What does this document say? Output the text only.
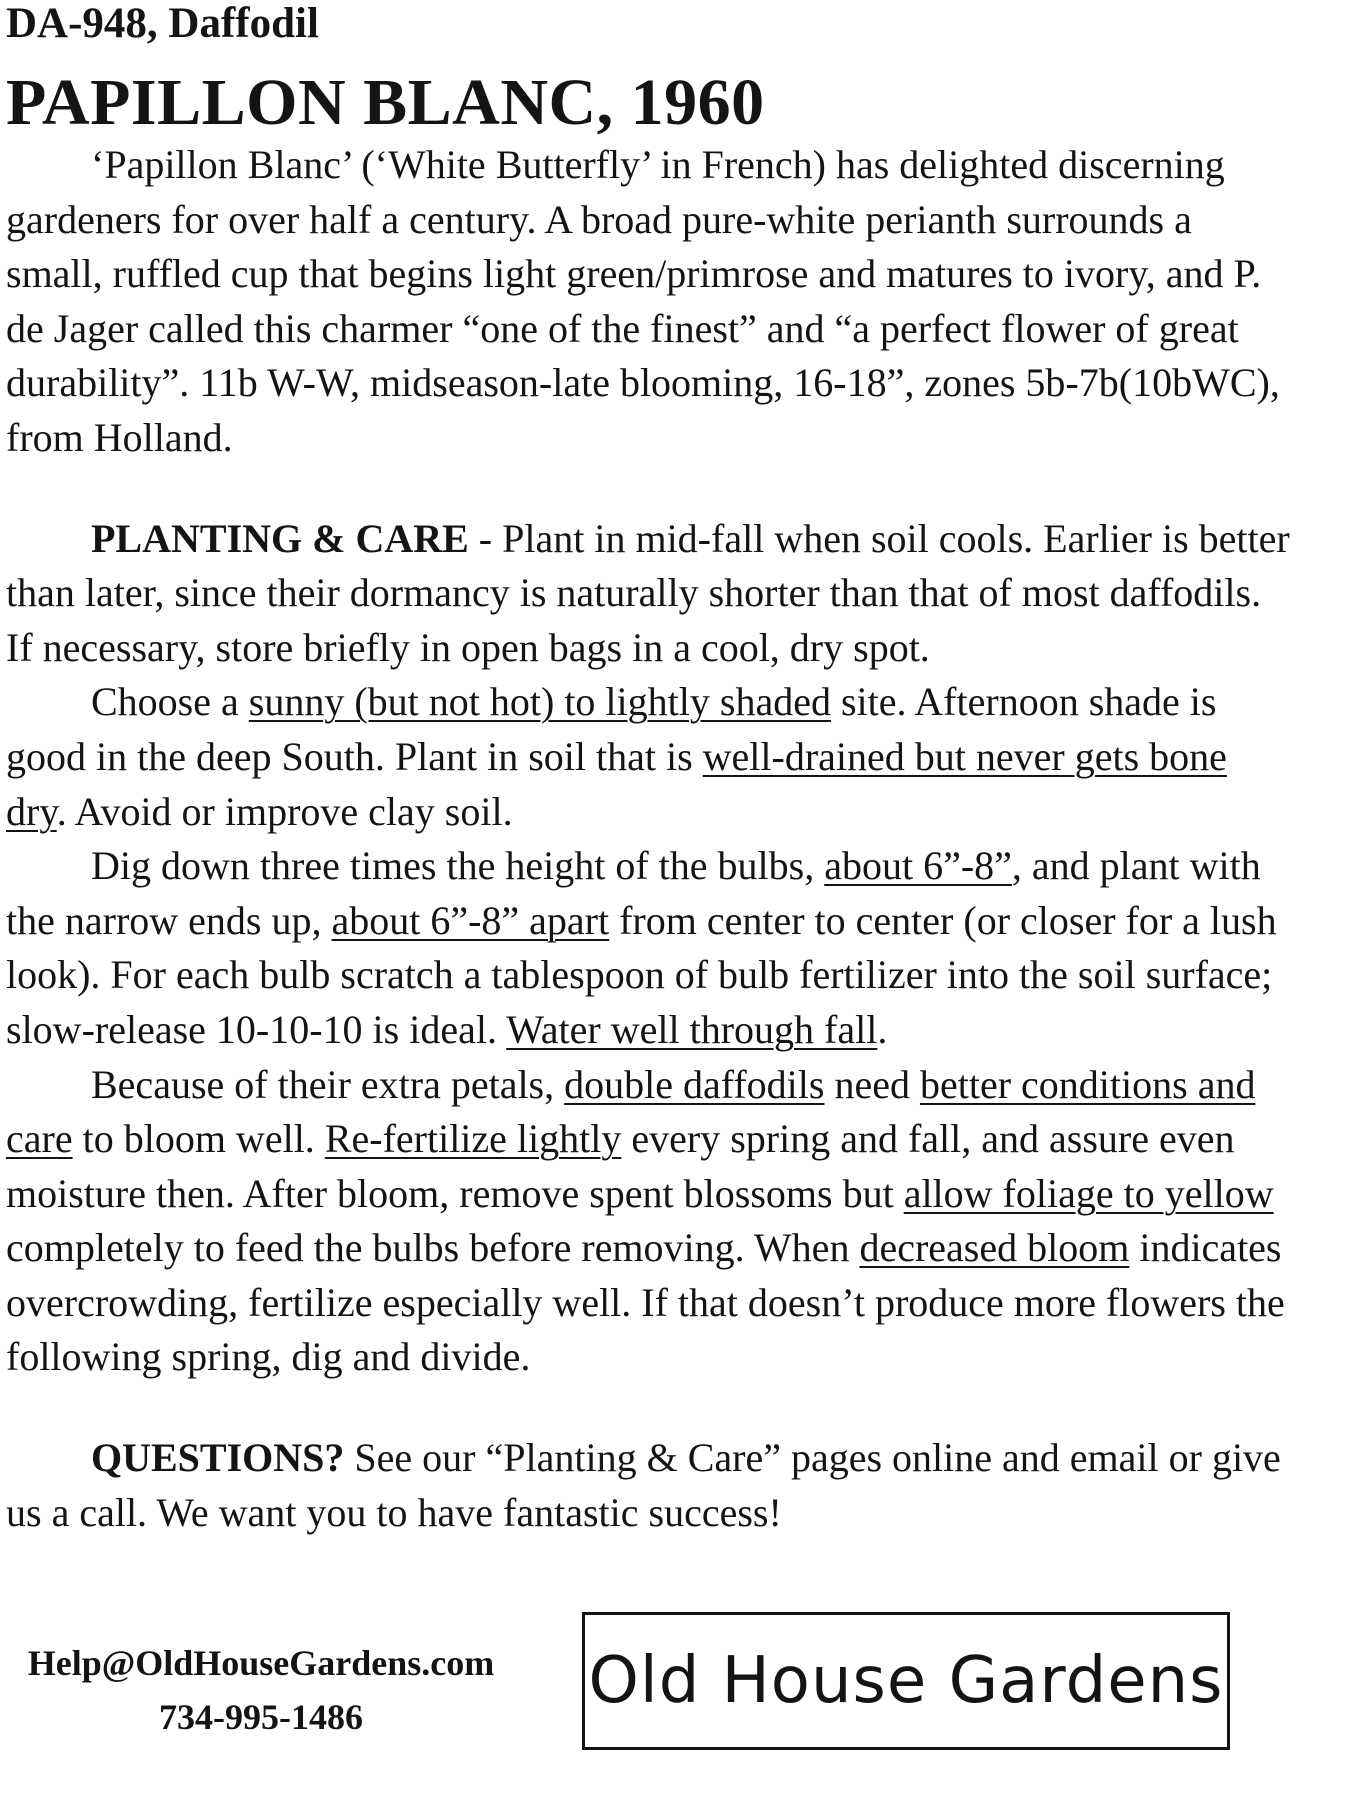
DA-948, Daffodil
PAPILLON BLANC, 1960

‘Papillon Blanc’ (‘White Butterfly’ in French) has delighted discerning gardeners for over half a century. A broad pure-white perianth surrounds a small, ruffled cup that begins light green/primrose and matures to ivory, and P. de Jager called this charmer “one of the finest” and “a perfect flower of great durability”. 11b W-W, midseason-late blooming, 16-18”, zones 5b-7b(10bWC), from Holland.

PLANTING & CARE - Plant in mid-fall when soil cools. Earlier is better than later, since their dormancy is naturally shorter than that of most daffodils. If necessary, store briefly in open bags in a cool, dry spot.

Choose a sunny (but not hot) to lightly shaded site. Afternoon shade is good in the deep South. Plant in soil that is well-drained but never gets bone dry. Avoid or improve clay soil.

Dig down three times the height of the bulbs, about 6”-8”, and plant with the narrow ends up, about 6”-8” apart from center to center (or closer for a lush look). For each bulb scratch a tablespoon of bulb fertilizer into the soil surface; slow-release 10-10-10 is ideal. Water well through fall.

Because of their extra petals, double daffodils need better conditions and care to bloom well. Re-fertilize lightly every spring and fall, and assure even moisture then. After bloom, remove spent blossoms but allow foliage to yellow completely to feed the bulbs before removing. When decreased bloom indicates overcrowding, fertilize especially well. If that doesn’t produce more flowers the following spring, dig and divide.

QUESTIONS? See our “Planting & Care” pages online and email or give us a call. We want you to have fantastic success!

Help@OldHouseGardens.com
734-995-1486	Old House Gardens
